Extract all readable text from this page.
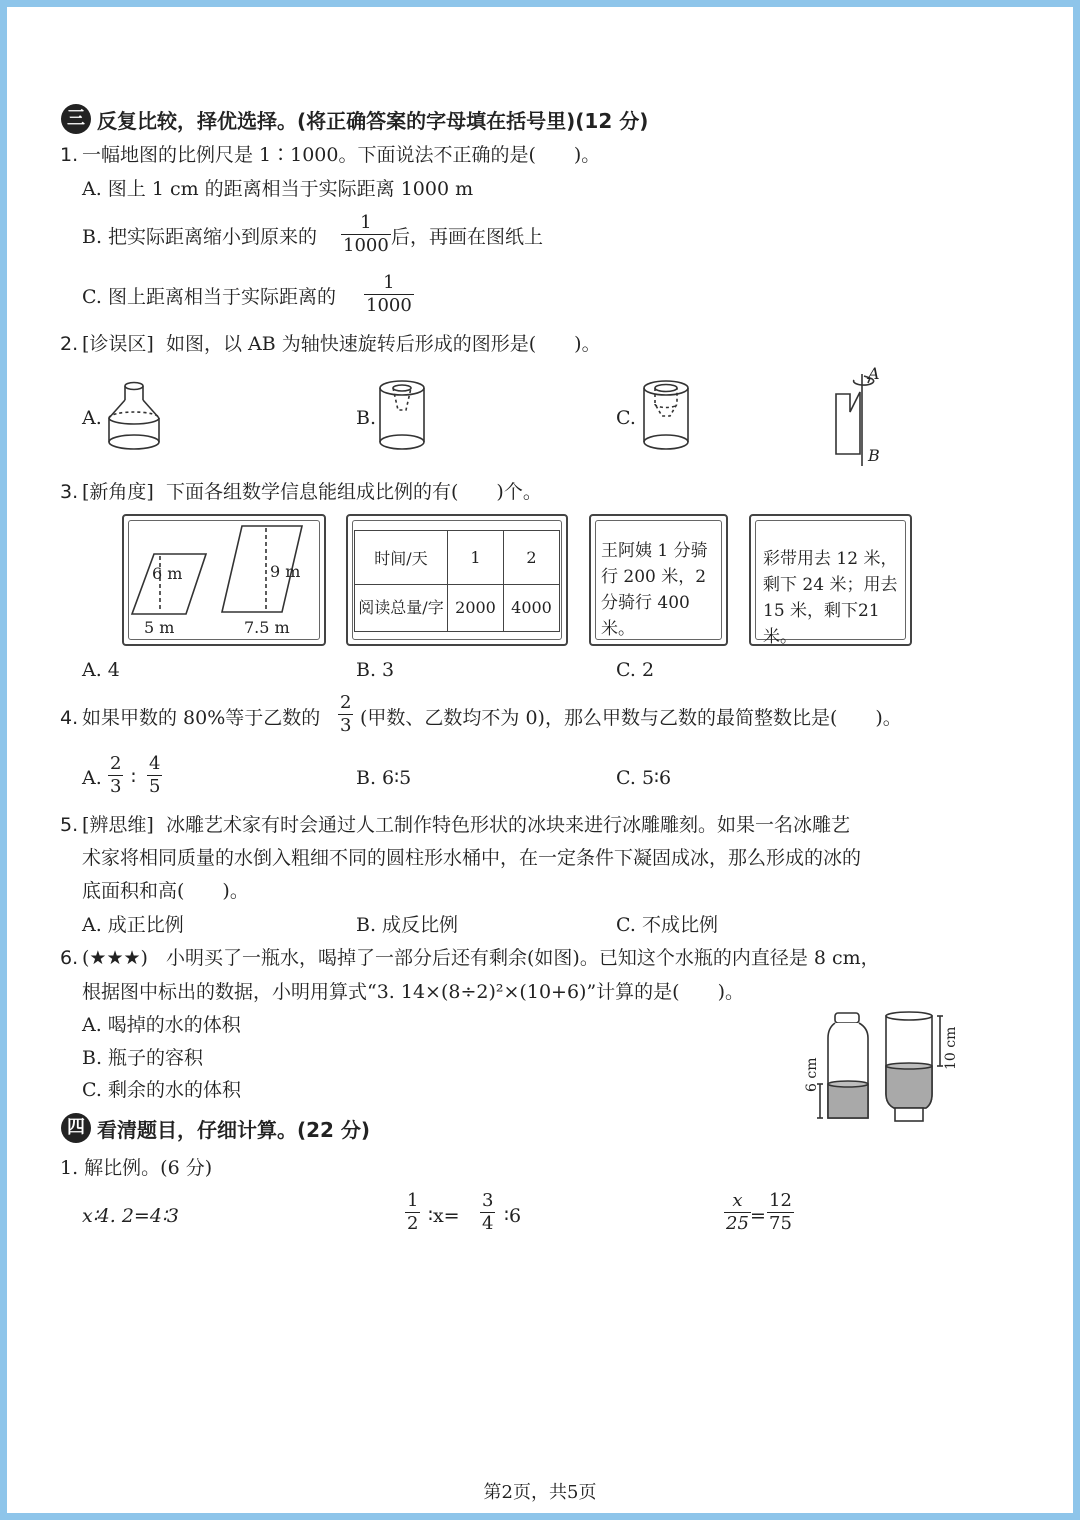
三 反复比较，择优选择。(将正确答案的字母填在括号里)(12 分)
1. 一幅地图的比例尺是 1∶1000。下面说法不正确的是(　　)。
A. 图上 1 cm 的距离相当于实际距离 1000 m
B. 把实际距离缩小到原来的 $\frac{1}{1000}$ 后，再画在图纸上
C. 图上距离相当于实际距离的 $\frac{1}{1000}$
2. [诊误区] 如图，以 AB 为轴快速旋转后形成的图形是(　　)。
A.	B.	C.
A
B
3. [新角度] 下面各组数学信息能组成比例的有(　　)个。
6 m
5 m
9 m
7.5 m
时间/天	1	2
阅读总量/字	2000	4000
王阿姨 1 分骑行 200 米，2 分骑行 400 米。
彩带用去 12 米，剩下 24 米；用去 15 米，剩下21 米。
A. 4	B. 3	C. 2
4. 如果甲数的 80%等于乙数的 $\frac{2}{3}$ (甲数、乙数均不为 0)，那么甲数与乙数的最简整数比是(　　)。
A. $\frac{2}{3}$ ∶ $\frac{4}{5}$	B. 6∶5	C. 5∶6
5. [辨思维] 冰雕艺术家有时会通过人工制作特色形状的冰块来进行冰雕雕刻。如果一名冰雕艺
术家将相同质量的水倒入粗细不同的圆柱形水桶中，在一定条件下凝固成冰，那么形成的冰的
底面积和高(　　)。
A. 成正比例	B. 成反比例	C. 不成比例
6. (★★★) 小明买了一瓶水，喝掉了一部分后还有剩余(如图)。已知这个水瓶的内直径是 8 cm，
根据图中标出的数据，小明用算式“3. 14×(8÷2)²×(10+6)”计算的是(　　)。
A. 喝掉的水的体积
B. 瓶子的容积
C. 剩余的水的体积	6 cm
10 cm
四 看清题目，仔细计算。(22 分)
1. 解比例。(6 分)
x∶4. 2=4∶3	$\frac{1}{2}$ ∶x= $\frac{3}{4}$ ∶6	$\frac{x}{25} = \frac{12}{75}$
第2页，共5页
